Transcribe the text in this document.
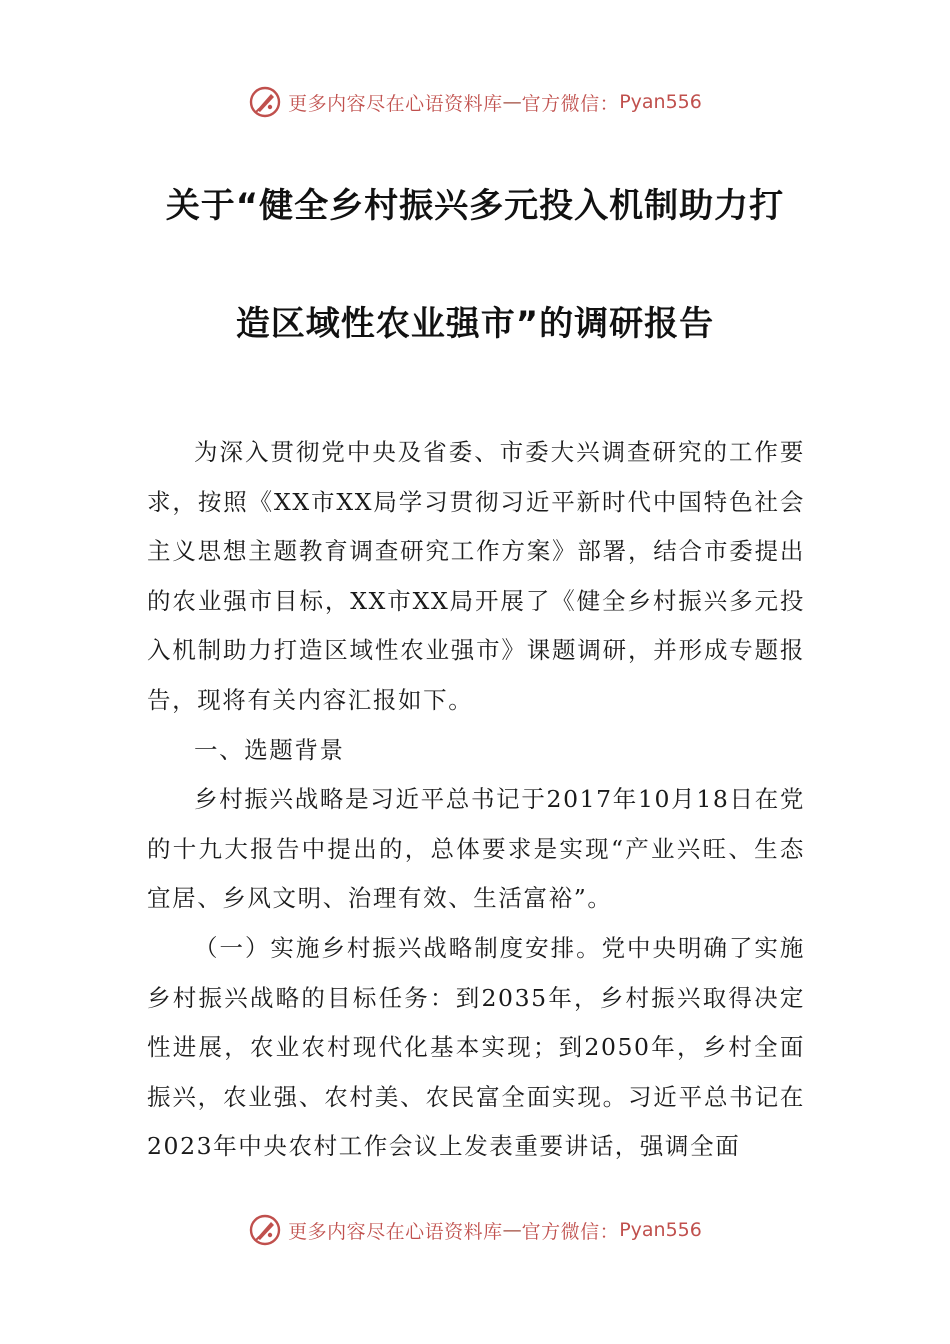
更多内容尽在心语资料库 — 官方微信： Pyan556
关于“健全乡村振兴多元投入机制助力打
造区域性农业强市”的调研报告

为深入贯彻党中央及省委、市委大兴调查研究的工作要求，按照《XX市XX局学习贯彻习近平新时代中国特色社会主义思想主题教育调查研究工作方案》部署，结合市委提出的农业强市目标，XX市XX局开展了《健全乡村振兴多元投入机制助力打造区域性农业强市》课题调研，并形成专题报告，现将有关内容汇报如下。

一、选题背景

乡村振兴战略是习近平总书记于2017年10月18日在党的十九大报告中提出的，总体要求是实现“产业兴旺、生态宜居、乡风文明、治理有效、生活富裕”。

（一）实施乡村振兴战略制度安排。党中央明确了实施乡村振兴战略的目标任务：到2035年，乡村振兴取得决定性进展，农业农村现代化基本实现；到2050年，乡村全面振兴，农业强、农村美、农民富全面实现。习近平总书记在2023年中央农村工作会议上发表重要讲话，强调全面

更多内容尽在心语资料库 — 官方微信： Pyan556
